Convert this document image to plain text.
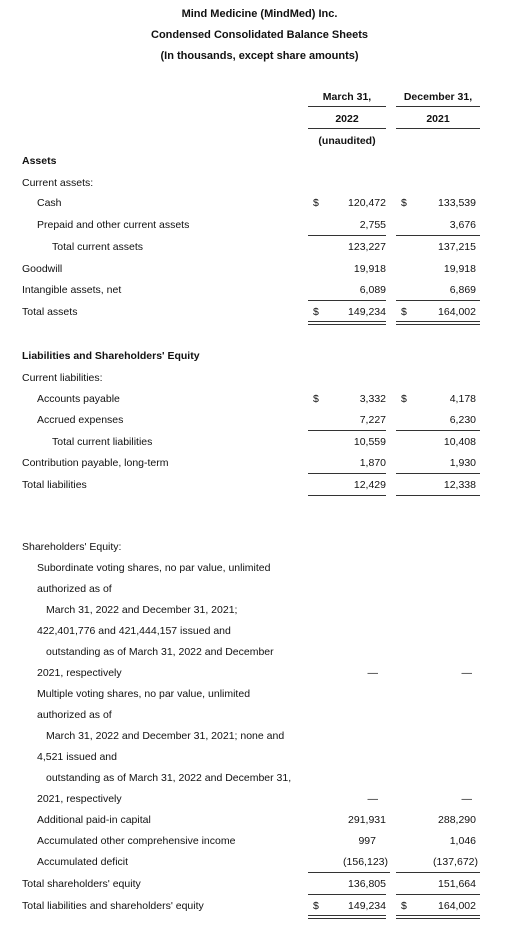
Mind Medicine (MindMed) Inc.
Condensed Consolidated Balance Sheets
(In thousands, except share amounts)
March 31,
2022
(unaudited)
December 31,
2021
Assets
Current assets:
Cash	$	120,472 $	133,539
Prepaid and other current assets	2,755	3,676
Total current assets	123,227	137,215
Goodwill	19,918	19,918
Intangible assets, net	6,089	6,869
Total assets	$	149,234 $	164,002
Liabilities and Shareholders' Equity
Current liabilities:
Accounts payable	$	3,332 $	4,178
Accrued expenses	7,227	6,230
Total current liabilities	10,559	10,408
Contribution payable, long-term	1,870	1,930
Total liabilities	12,429	12,338
Shareholders' Equity:
Subordinate voting shares, no par value, unlimited
authorized as of
March 31, 2022 and December 31, 2021;
422,401,776 and 421,444,157 issued and
outstanding as of March 31, 2022 and December
2021, respectively	—	—
Multiple voting shares, no par value, unlimited
authorized as of
March 31, 2022 and December 31, 2021; none and
4,521 issued and
outstanding as of March 31, 2022 and December 31,
2021, respectively	—	—
Additional paid-in capital	291,931	288,290
Accumulated other comprehensive income	997	1,046
Accumulated deficit	(156,123)	(137,672)
Total shareholders' equity	136,805	151,664
Total liabilities and shareholders' equity	$	149,234 $	164,002
